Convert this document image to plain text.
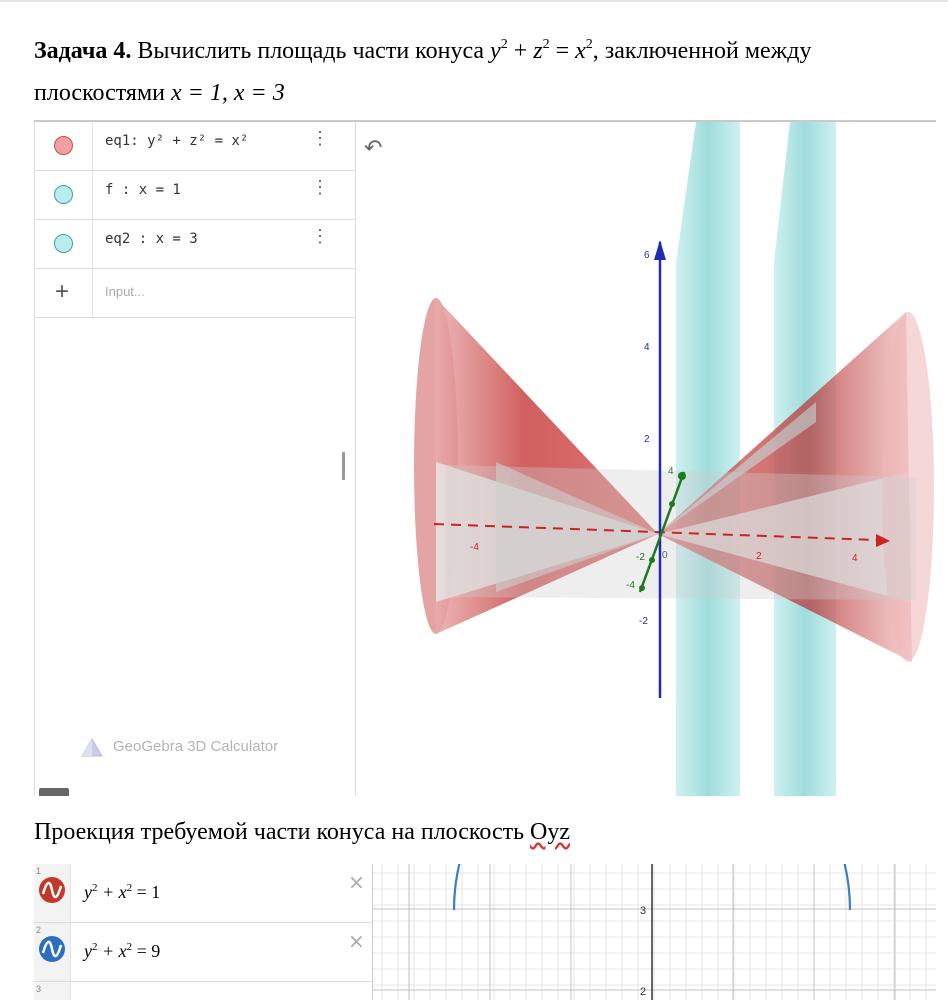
Задача 4. Вычислить площадь части конуса $y^2 + z^2 = x^2$, заключенной между
плоскостями x = 1, x = 3
eq1: y² + z² = x²	⋮
f : x = 1	⋮
eq2 : x = 3	⋮
+	Input...
GeoGebra 3D Calculator
↶
6
4
2
-2
-4
2	4
4
-2
-4
0
Проекция требуемой части конуса на плоскость Oyz
1
$y^2 + x^2 = 1$	×
2
$y^2 + x^2 = 9$	×
3
3
2
